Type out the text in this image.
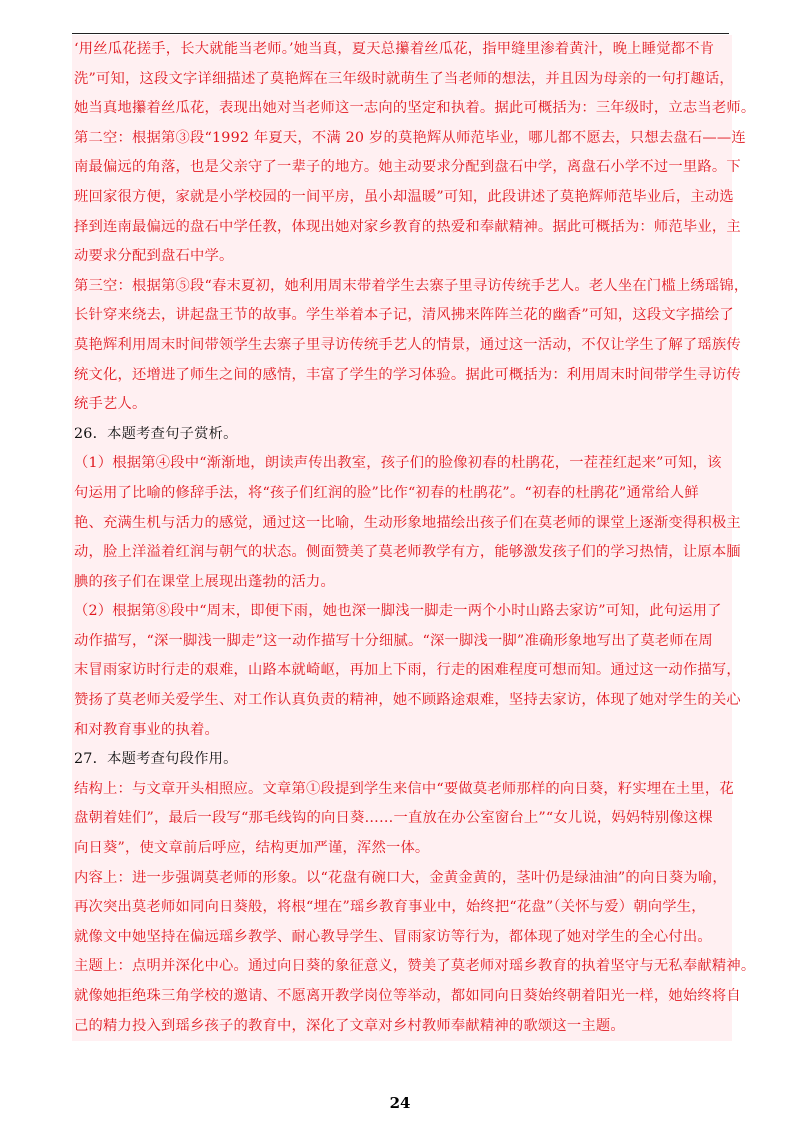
‘用丝瓜花搓手，长大就能当老师。’她当真，夏天总攥着丝瓜花，指甲缝里渗着黄汁，晚上睡觉都不肯
洗”可知，这段文字详细描述了莫艳辉在三年级时就萌生了当老师的想法，并且因为母亲的一句打趣话，
她当真地攥着丝瓜花，表现出她对当老师这一志向的坚定和执着。据此可概括为：三年级时，立志当老师。
第二空：根据第③段“1992 年夏天，不满 20 岁的莫艳辉从师范毕业，哪儿都不愿去，只想去盘石——连
南最偏远的角落，也是父亲守了一辈子的地方。她主动要求分配到盘石中学，离盘石小学不过一里路。下
班回家很方便，家就是小学校园的一间平房，虽小却温暖”可知，此段讲述了莫艳辉师范毕业后，主动选
择到连南最偏远的盘石中学任教，体现出她对家乡教育的热爱和奉献精神。据此可概括为：师范毕业，主
动要求分配到盘石中学。
第三空：根据第⑤段“春末夏初，她利用周末带着学生去寨子里寻访传统手艺人。老人坐在门槛上绣瑶锦，
长针穿来绕去，讲起盘王节的故事。学生举着本子记，清风拂来阵阵兰花的幽香”可知，这段文字描绘了
莫艳辉利用周末时间带领学生去寨子里寻访传统手艺人的情景，通过这一活动，不仅让学生了解了瑶族传
统文化，还增进了师生之间的感情，丰富了学生的学习体验。据此可概括为：利用周末时间带学生寻访传
统手艺人。
26．本题考查句子赏析。
（1）根据第④段中“渐渐地，朗读声传出教室，孩子们的脸像初春的杜鹃花，一茬茬红起来”可知，该
句运用了比喻的修辞手法，将“孩子们红润的脸”比作“初春的杜鹃花”。“初春的杜鹃花”通常给人鲜
艳、充满生机与活力的感觉，通过这一比喻，生动形象地描绘出孩子们在莫老师的课堂上逐渐变得积极主
动，脸上洋溢着红润与朝气的状态。侧面赞美了莫老师教学有方，能够激发孩子们的学习热情，让原本腼
腆的孩子们在课堂上展现出蓬勃的活力。
（2）根据第⑧段中“周末，即便下雨，她也深一脚浅一脚走一两个小时山路去家访”可知，此句运用了
动作描写，“深一脚浅一脚走”这一动作描写十分细腻。“深一脚浅一脚”准确形象地写出了莫老师在周
末冒雨家访时行走的艰难，山路本就崎岖，再加上下雨，行走的困难程度可想而知。通过这一动作描写，
赞扬了莫老师关爱学生、对工作认真负责的精神，她不顾路途艰难，坚持去家访，体现了她对学生的关心
和对教育事业的执着。
27．本题考查句段作用。
结构上：与文章开头相照应。文章第①段提到学生来信中“要做莫老师那样的向日葵，籽实埋在土里，花
盘朝着娃们”，最后一段写“那毛线钩的向日葵……一直放在办公室窗台上”“女儿说，妈妈特别像这棵
向日葵”，使文章前后呼应，结构更加严谨，浑然一体。
内容上：进一步强调莫老师的形象。以“花盘有碗口大，金黄金黄的，茎叶仍是绿油油”的向日葵为喻，
再次突出莫老师如同向日葵般，将根“埋在”瑶乡教育事业中，始终把“花盘”（关怀与爱）朝向学生，
就像文中她坚持在偏远瑶乡教学、耐心教导学生、冒雨家访等行为，都体现了她对学生的全心付出。
主题上：点明并深化中心。通过向日葵的象征意义，赞美了莫老师对瑶乡教育的执着坚守与无私奉献精神。
就像她拒绝珠三角学校的邀请、不愿离开教学岗位等举动，都如同向日葵始终朝着阳光一样，她始终将自
己的精力投入到瑶乡孩子的教育中，深化了文章对乡村教师奉献精神的歌颂这一主题。
24
